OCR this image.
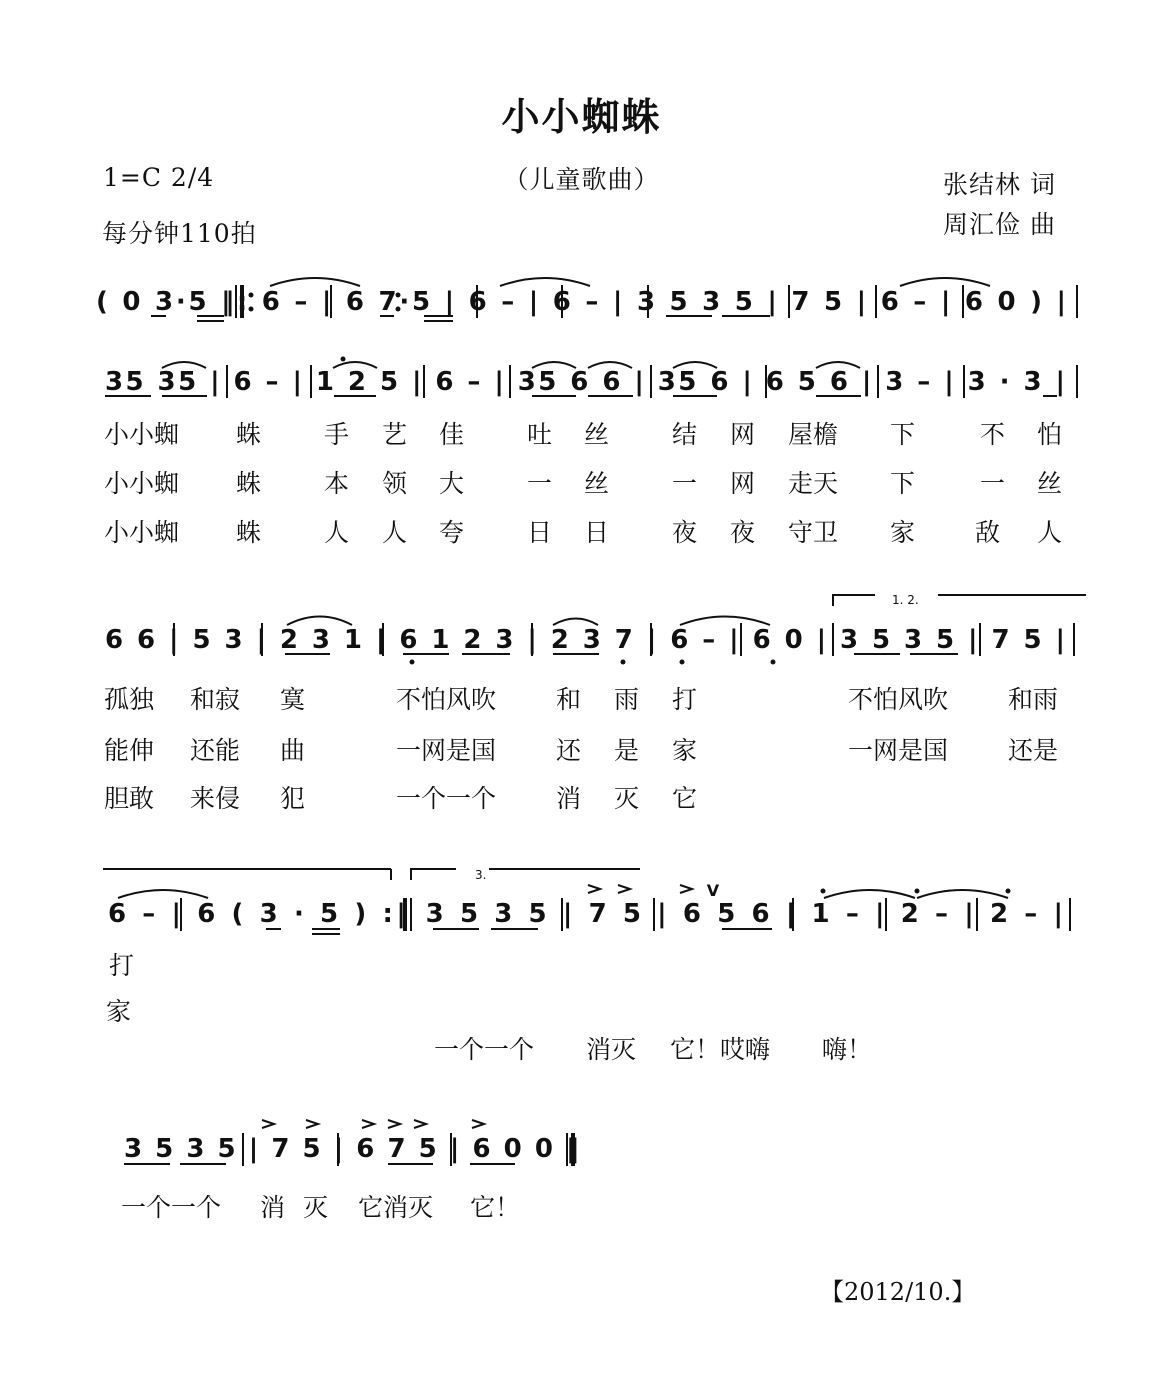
小小蜘蛛
1=C 2/4	（儿童歌曲）
每分钟110拍
张结林 词
周汇俭 曲
( 0 3·5 ‖: 6 – | 6 7·5 | 6 – | 6 – | 3 5 3 5 | 7 5 | 6 – | 6 0 ) |
35 35 | 6 – | 1 2 5 | 6 – | 35 6 6 | 35 6 | 6 5 6 | 3 – | 3 · 3 |
6 6 | 5 3 | 2 3 1 | 6 1 2 3 | 2 3 7 | 6 – | 6 0 | 3 5 3 5 | 7 5 |
6 – | 6 ( 3 · 5 ) :‖ 3 5 3 5 | 7 5 | 6 5 6 | 1 – | 2 – | 2 – |
3 5 3 5 | 7 5 | 6 7 5 | 6 0 0 ‖
1. 2.
3.
V
小小蜘 蛛	手 艺 佳	吐 丝	结 网 屋檐 下	不 怕
小小蜘 蛛	本 领 大	一 丝	一 网 走天 下	一 丝
小小蜘 蛛	人 人 夸	日 日	夜 夜 守卫 家 敌 人
孤独 和寂 寞	不怕风吹 和 雨 打	不怕风吹 和雨
能伸 还能 曲	一网是国 还 是 家	一网是国 还是
胆敢 来侵 犯	一个一个 消 灭 它
打
家
一个一个 消灭 它！哎嗨 嗨！
一个一个 消 灭 它消灭 它！
【2012/10.】
